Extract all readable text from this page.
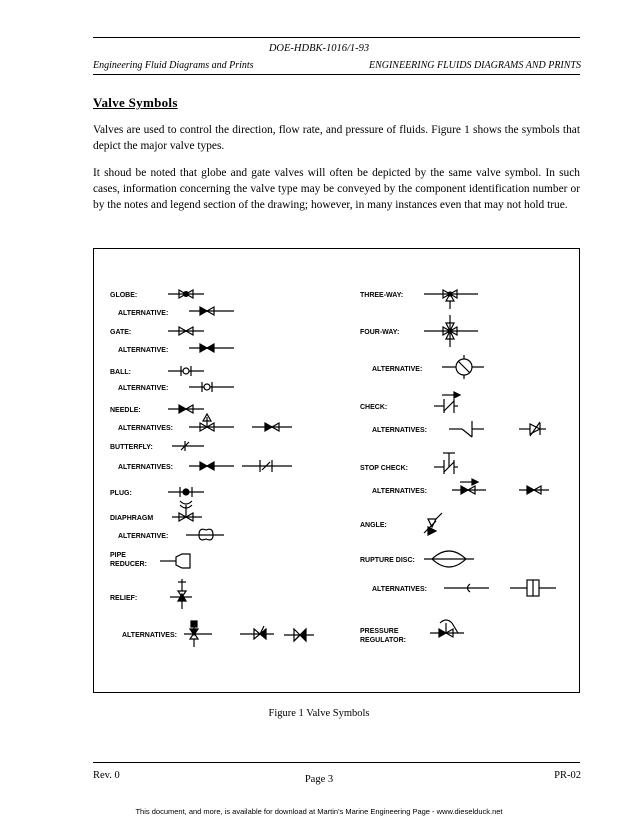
DOE-HDBK-1016/1-93
Engineering Fluid Diagrams and Prints	ENGINEERING FLUIDS DIAGRAMS AND PRINTS
Valve Symbols
Valves are used to control the direction, flow rate, and pressure of fluids. Figure 1 shows the symbols that depict the major valve types.
It shoud be noted that globe and gate valves will often be depicted by the same valve symbol. In such cases, information concerning the valve type may be conveyed by the component identification number or by the notes and legend section of the drawing; however, in many instances even that may not hold true.
GLOBE:
ALTERNATIVE:
GATE:
ALTERNATIVE:
BALL:
ALTERNATIVE:
NEEDLE:
ALTERNATIVES:
BUTTERFLY:
ALTERNATIVES:
PLUG:
DIAPHRAGM
ALTERNATIVE:
PIPE
REDUCER:
RELIEF:
ALTERNATIVES:
THREE-WAY:
FOUR-WAY:
ALTERNATIVE:
CHECK:
ALTERNATIVES:
STOP CHECK:
ALTERNATIVES:
ANGLE:
RUPTURE DISC:
ALTERNATIVES:
PRESSURE
REGULATOR:
Figure 1 Valve Symbols
Rev. 0	Page 3	PR-02
This document, and more, is available for download at Martin's Marine Engineering Page - www.dieselduck.net
